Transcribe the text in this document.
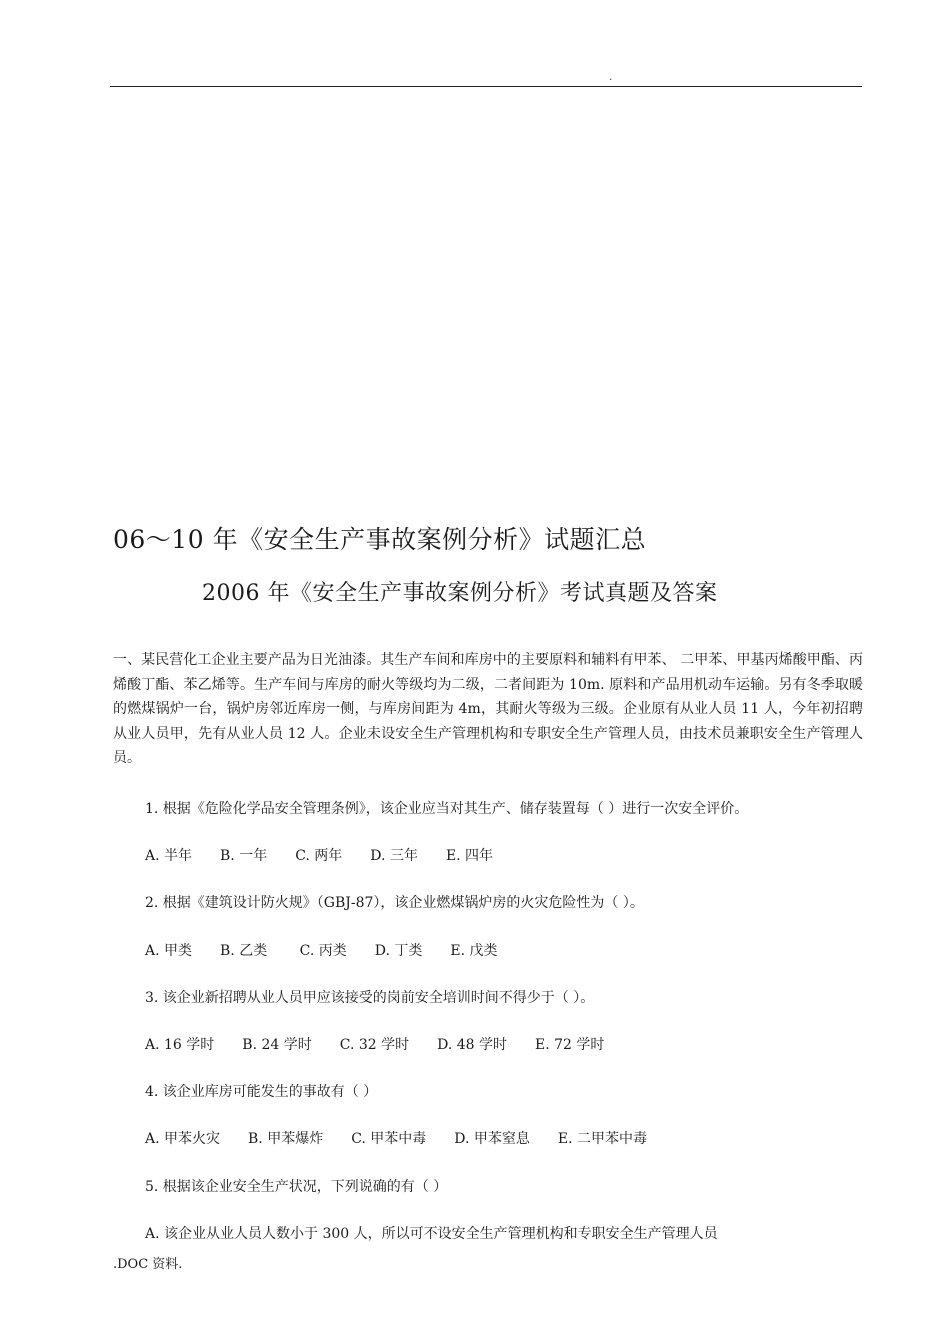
.
06～10 年《安全生产事故案例分析》试题汇总
2006 年《安全生产事故案例分析》考试真题及答案
一、某民营化工企业主要产品为日光油漆。其生产车间和库房中的主要原料和辅料有甲苯、 二甲苯、甲基丙烯酸甲酯、丙烯酸丁酯、苯乙烯等。生产车间与库房的耐火等级均为二级，二者间距为 10m. 原料和产品用机动车运输。另有冬季取暖的燃煤锅炉一台，锅炉房邻近库房一侧，与库房间距为 4m，其耐火等级为三级。企业原有从业人员 11 人，今年初招聘从业人员甲，先有从业人员 12 人。企业未设安全生产管理机构和专职安全生产管理人员，由技术员兼职安全生产管理人员。
1. 根据《危险化学品安全管理条例》，该企业应当对其生产、储存装置每（ ）进行一次安全评价。
A. 半年　　B. 一年　　C. 两年　　D. 三年　　E. 四年
2. 根据《建筑设计防火规》（GBJ-87），该企业燃煤锅炉房的火灾危险性为（ ）。
A. 甲类　　B. 乙类　　 C. 丙类　　D. 丁类　　E. 戊类
3. 该企业新招聘从业人员甲应该接受的岗前安全培训时间不得少于（ ）。
A. 16 学时　　B. 24 学时　　C. 32 学时　　D. 48 学时　　E. 72 学时
4. 该企业库房可能发生的事故有（ ）
A. 甲苯火灾　　B. 甲苯爆炸　　C. 甲苯中毒　　D. 甲苯窒息　　E. 二甲苯中毒
5. 根据该企业安全生产状况，下列说确的有（ ）
A. 该企业从业人员人数小于 300 人，所以可不设安全生产管理机构和专职安全生产管理人员
.DOC 资料.
